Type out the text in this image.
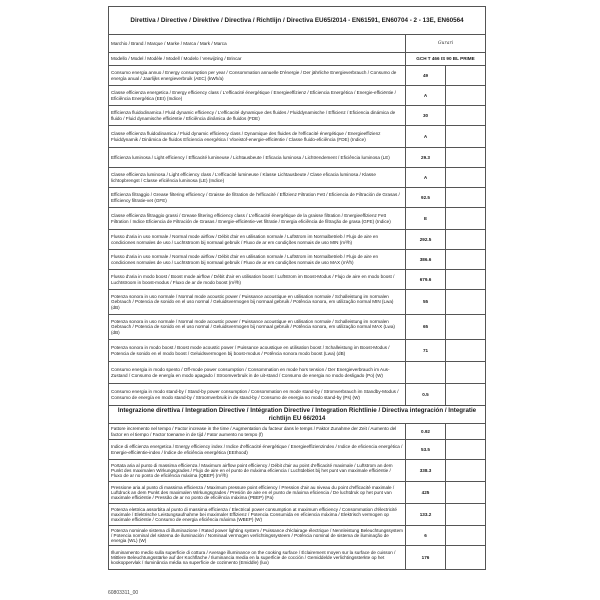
Direttiva / Directive / Direktive / Directiva / Richtlijn / Directiva EU65/2014 - EN61591, EN60704 - 2 - 13E, EN60564
Marchio / Brand / Marque / Marke / Marca / Mark / Marca	Gurari	
Modello / Model / Modèle / Modell / Modelo / Verwijzing / Brincar	GCH T 466 IS 90 BL PRIME	
Consumo energia annuo / Energy consumption per year / Consommation annuelle D'énergie / Der jährliche Energieverbrauch / Consumo de energía anual / Jaarlijks energieverbruik (AEC) (kWh/a)	49	
Classe efficienza energetica / Energy efficiency class / L'efficacité énergétique / Energieeffizienz / Eficiencia Energética / Energie-efficiëntie / Eficiência Energética (EEI) (Indice)	A	
Efficienza fluidodinamica / Fluid dynamic efficiency / L'efficacité dynamique des fluides / Fluiddynamische / Efficienz / Eficiencia dinámica de fluido / Fluid dynamische efficiëntie / Eficiência dinâmica de fluidos (FDE)	30	
Classe efficienza fluidodinamica / Fluid dynamic efficiency class / Dynamique des fluides de l'efficacité énergétique / Energieeffizienz Fluiddynamik / Dinâmica de fluidos Eficiencia energética / Vloeistof-energie-efficiëntie / Classe fluido-eficiência (FDE) (Indice)	A	
Efficienza luminosa / Light efficiency / Efficacité lumineuse / Lichtausbeute / Eficacia luminosa / Lichtrendement / Eficiência luminosa (LE)	29.3	
Classe efficienza luminosa / Light efficiency class / L'efficacité lumineuse / Klasse Lichtausbeute / Clase eficacia luminosa / Klasse lichtopbrengst / Classe eficiência luminosa (LE) (Indice)	A	
Efficienza filtraggio / Grease filtering efficiency / Graisse de filtration de l'efficacité / Effizienz Filtration Fett / Eficiencia de Filtración de Grasas / Efficiency filtratie-vet (GFE)	92.5	
Classe efficienza filtraggio grassi / Grease filtering efficiency class / L'efficacité énergétique de la graisse filtration / Energieeffizienz Fett Filtration / Indice Eficiencia de Filtración de Grasas / Energie-efficiëntie-vet filtratie / Energia eficiência de filtração de grasa (GFE) (Indice)	E	
Flusso d'aria in uso normale / Normal mode airflow / Débit d'air en utilisation normale / Luftstrom im Normalbetrieb / Flujo de aire en condiciones normales de uso / Luchtstroom bij normaal gebruik / Fluxo de ar em condições normais de uso MIN (m³/h)	292.5	
Flusso d'aria in uso normale / Normal mode airflow / Débit d'air en utilisation normale / Luftstrom im Normalbetrieb / Flujo de aire en condiciones normales de uso / Luchtstroom bij normaal gebruik / Fluxo de ar em condições normais de uso MAX (m³/h)	386.6	
Flusso d'aria in modo boost / Boost mode airflow / Débit d'air en utilisation boost / Luftstrom im Boost-Modus / Flujo de aire en modo boost / Luchtstroom in boost-modus / Fluxo de ar de modo boost (m³/h)	679.6	
Potenza sonora in uso normale / Normal mode acoustic power / Puissance acoustique en utilisation normale / Schalleistung im normalen Gebrauch / Potencia de sonido en el uso normal / Geluidsvermogen bij normaal gebruik / Potência sonora, em utilização normal MIN (Lwa) (dB)	55	
Potenza sonora in uso normale / Normal mode acoustic power / Puissance acoustique en utilisation normale / Schalleistung im normalen Gebrauch / Potencia de sonido en el uso normal / Geluidsvermogen bij normaal gebruik / Potência sonora, em utilização normal MAX (Lwa) (dB)	65	
Potenza sonora in modo boost / Boost mode acoustic power / Puissance acoustique en utilisation boost / Schalleistung im Boost-Modus / Potencia de sonido en el modo boost / Geluidsvermogen bij boost-modus / Potência sonora modo boost (Lwa) (dB)	71	
Consumo energia in modo spento / Off-mode power consumption / Consommation en mode hors tension / Der Energieverbrauch im Aus-Zustand / Consumo de energía en modo apagado / Stroomverbruik in de uit-stand / Consumo de energia no modo desligado (Po) (W)		
Consumo energia in modo stand-by / Stand-by power consumption / Consommation en mode stand-by / Stromverbrauch im Standby-Modus / Consumo de energía en modo stand-by / Stroomverbruik in de stand-by / Consumo de energia no modo stand-by (Ps) (W)	0.5	
Integrazione direttiva / Integration Directive / Intégration Directive / Integration Richtlinie / Directiva integración / Integratie richtlijn EU 66/2014		
Fattore incremento nel tempo / Factor increase in the time / Augmentation du facteur dans le temps / Faktor Zunahme der Zeit / Aumento del factor en el tiempo / Factor toename in de tijd / Fator aumento no tempo (f)	0.92	
Indice di efficienza energetica / Energy efficiency index / Indice d'efficacité énergétique / Energieeffizienzindex / Indice de eficiencia energética / Energie-efficiëntie-index / Índice de eficiência energética (EEIhood)	53.5	
Portata aria al punto di massima efficienza / Maximum airflow point efficiency / Débit d'air au point d'efficacité maximale / Luftstrom an dem Punkt des maximalen Wirkungsgrades / Flujo de aire en el punto de máxima eficiencia / Luchtdebiet bij het punt van maximale efficiëntie / Fluxo de ar no ponto de eficiência máxima (QBEP) (m³/h)	338.3	
Pressione aria al punto di massima efficienza / Maximum pressure point efficiency / Pression d'air au niveau du point d'efficacité maximale / Luftdruck an dem Punkt des maximalen Wirkungsgrades / Presión de aire en el punto de máxima eficiencia / De luchtdruk op het punt van maximale efficiëntie / Pressão de ar no ponto de eficiência máxima (PBEP) (Pa)	425	
Potenza elettrica assorbita al punto di massima efficienza / Electrical power consumption at maximum efficiency / Consommation d'électricité maximale / Elektrische Leistungsaufnahme bei maximaler Effizienz / Potencia Consumida en eficiencia máxima / Elektrisch vermogen op maximale efficiëntie / Consumo de energia eficiência máxima (WBEP) (W)	133.2	
Potenza nominale sistema di illuminazione / Rated power lighting system / Puissance d'éclairage électrique / Nennleistung Beleuchtungssystem / Potencia nominal del sistema de iluminación / Nominaal vermogen verlichtingssysteem / Potência nominal de sistema de iluminação de energia (WL) (W)	6	
Illuminamento medio sulla superficie di cottura / Average illuminance on the cooking surface / Éclairement moyen sur la surface de cuisson / Mittlere Beleuchtungsstärke auf der Kochfläche / Iluminancia media en la superficie de cocción / Gemiddelde verlichtingssterkte op het kookoppervlak / Iluminância média na superfície de cozimento (Emiddle) (lux)	176	
60803311_00
